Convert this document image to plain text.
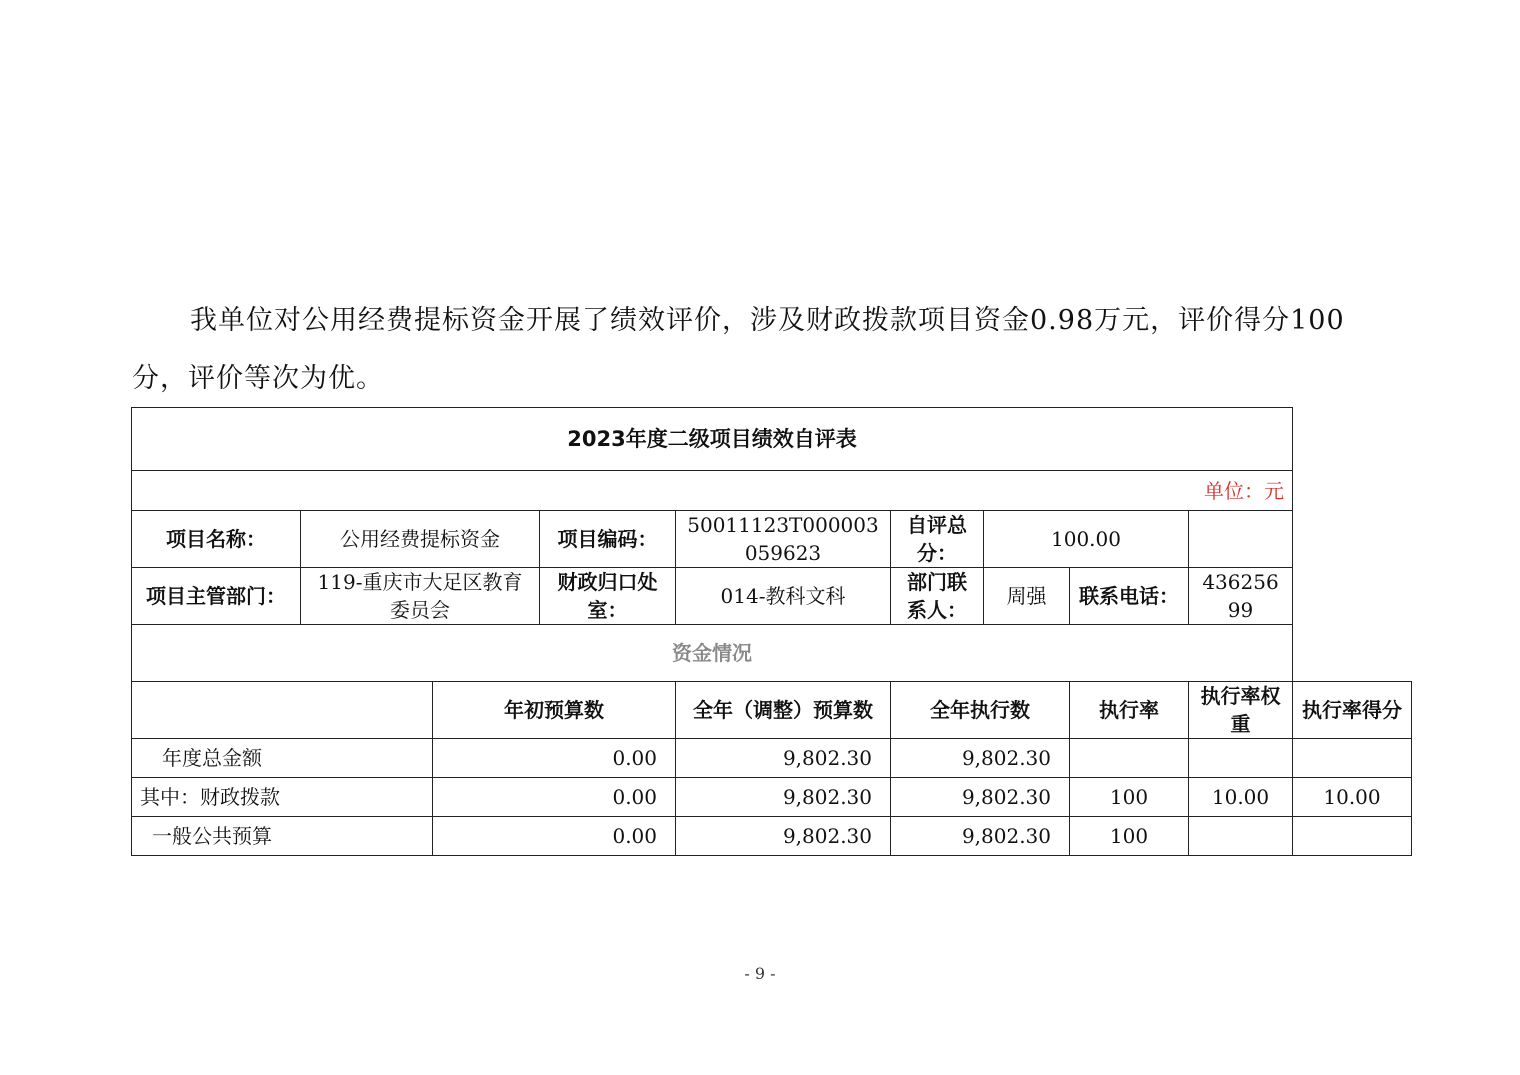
我单位对公用经费提标资金开展了绩效评价，涉及财政拨款项目资金0.98万元，评价得分100
分，评价等次为优。
2023年度二级项目绩效自评表									
单位：元									
项目名称：	公用经费提标资金		项目编码：	50011123T000003059623	自评总分：	100.00			
项目主管部门：	119-重庆市大足区教育委员会		财政归口处室：	014-教科文科	部门联系人：	周强	联系电话：	43625699	
资金情况									
		年初预算数		全年（调整）预算数	全年执行数		执行率	执行率权重	执行率得分
年度总金额		0.00		9,802.30	9,802.30				
其中：财政拨款		0.00		9,802.30	9,802.30		100	10.00	10.00
一般公共预算		0.00		9,802.30	9,802.30		100		
- 9 -
